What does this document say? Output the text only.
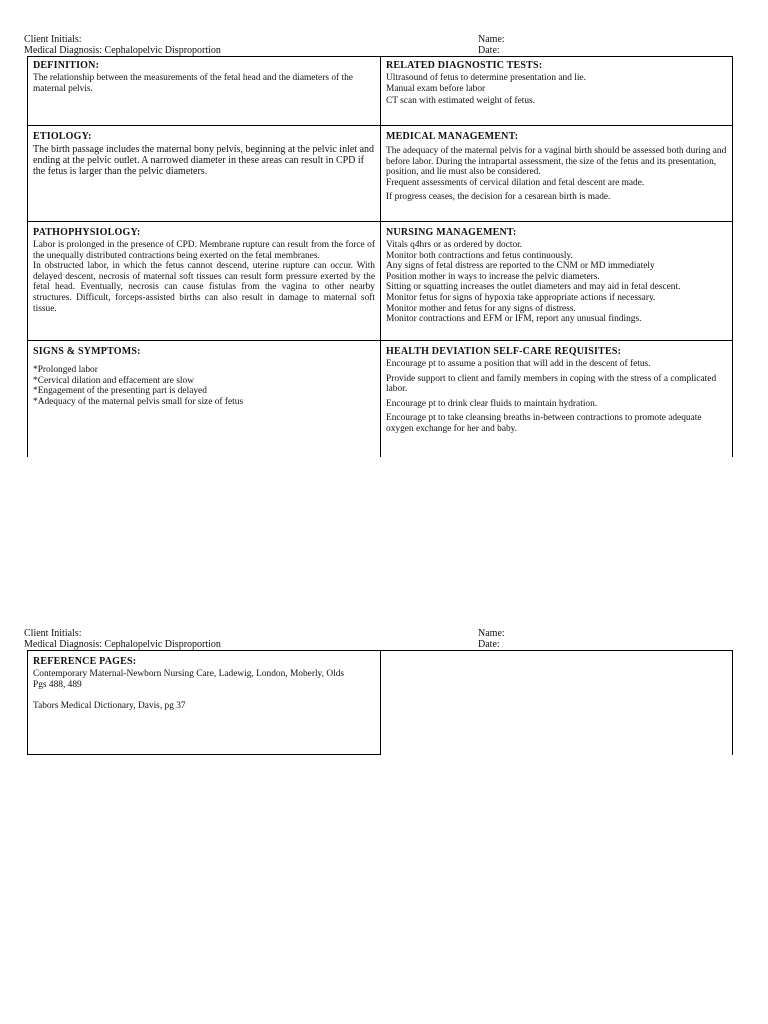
Client Initials:
Medical Diagnosis: Cephalopelvic Disproportion
Name:
Date:
DEFINITION:

The relationship between the measurements of the fetal head and the diameters of the maternal pelvis.

RELATED DIAGNOSTIC TESTS:

Ultrasound of fetus to determine presentation and lie.

Manual exam before labor

CT scan with estimated weight of fetus.

ETIOLOGY:

The birth passage includes the maternal bony pelvis, beginning at the pelvic inlet and ending at the pelvic outlet. A narrowed diameter in these areas can result in CPD if the fetus is larger than the pelvic diameters.

MEDICAL MANAGEMENT:

The adequacy of the maternal pelvis for a vaginal birth should be assessed both during and before labor. During the intrapartal assessment, the size of the fetus and its presentation, position, and lie must also be considered.

Frequent assessments of cervical dilation and fetal descent are made.

If progress ceases, the decision for a cesarean birth is made.

PATHOPHYSIOLOGY:

Labor is prolonged in the presence of CPD. Membrane rupture can result from the force of the unequally distributed contractions being exerted on the fetal membranes.

In obstructed labor, in which the fetus cannot descend, uterine rupture can occur. With delayed descent, necrosis of maternal soft tissues can result form pressure exerted by the fetal head. Eventually, necrosis can cause fistulas from the vagina to other nearby structures. Difficult, forceps-assisted births can also result in damage to maternal soft tissue.

NURSING MANAGEMENT:

Vitals q4hrs or as ordered by doctor.

Monitor both contractions and fetus continuously.

Any signs of fetal distress are reported to the CNM or MD immediately

Position mother in ways to increase the pelvic diameters.

Sitting or squatting increases the outlet diameters and may aid in fetal descent.

Monitor fetus for signs of hypoxia take appropriate actions if necessary.

Monitor mother and fetus for any signs of distress.

Monitor contractions and EFM or IFM, report any unusual findings.

SIGNS & SYMPTOMS:

*Prolonged labor

*Cervical dilation and effacement are slow

*Engagement of the presenting part is delayed

*Adequacy of the maternal pelvis small for size of fetus

HEALTH DEVIATION SELF-CARE REQUISITES:

Encourage pt to assume a position that will add in the descent of fetus.

Provide support to client and family members in coping with the stress of a complicated labor.

Encourage pt to drink clear fluids to maintain hydration.

Encourage pt to take cleansing breaths in-between contractions to promote adequate oxygen exchange for her and baby.

Client Initials:
Medical Diagnosis: Cephalopelvic Disproportion
Name:
Date:
REFERENCE PAGES:

Contemporary Maternal-Newborn Nursing Care, Ladewig, London, Moberly, Olds

Pgs 488, 489

Tabors Medical Dictionary, Davis, pg 37
